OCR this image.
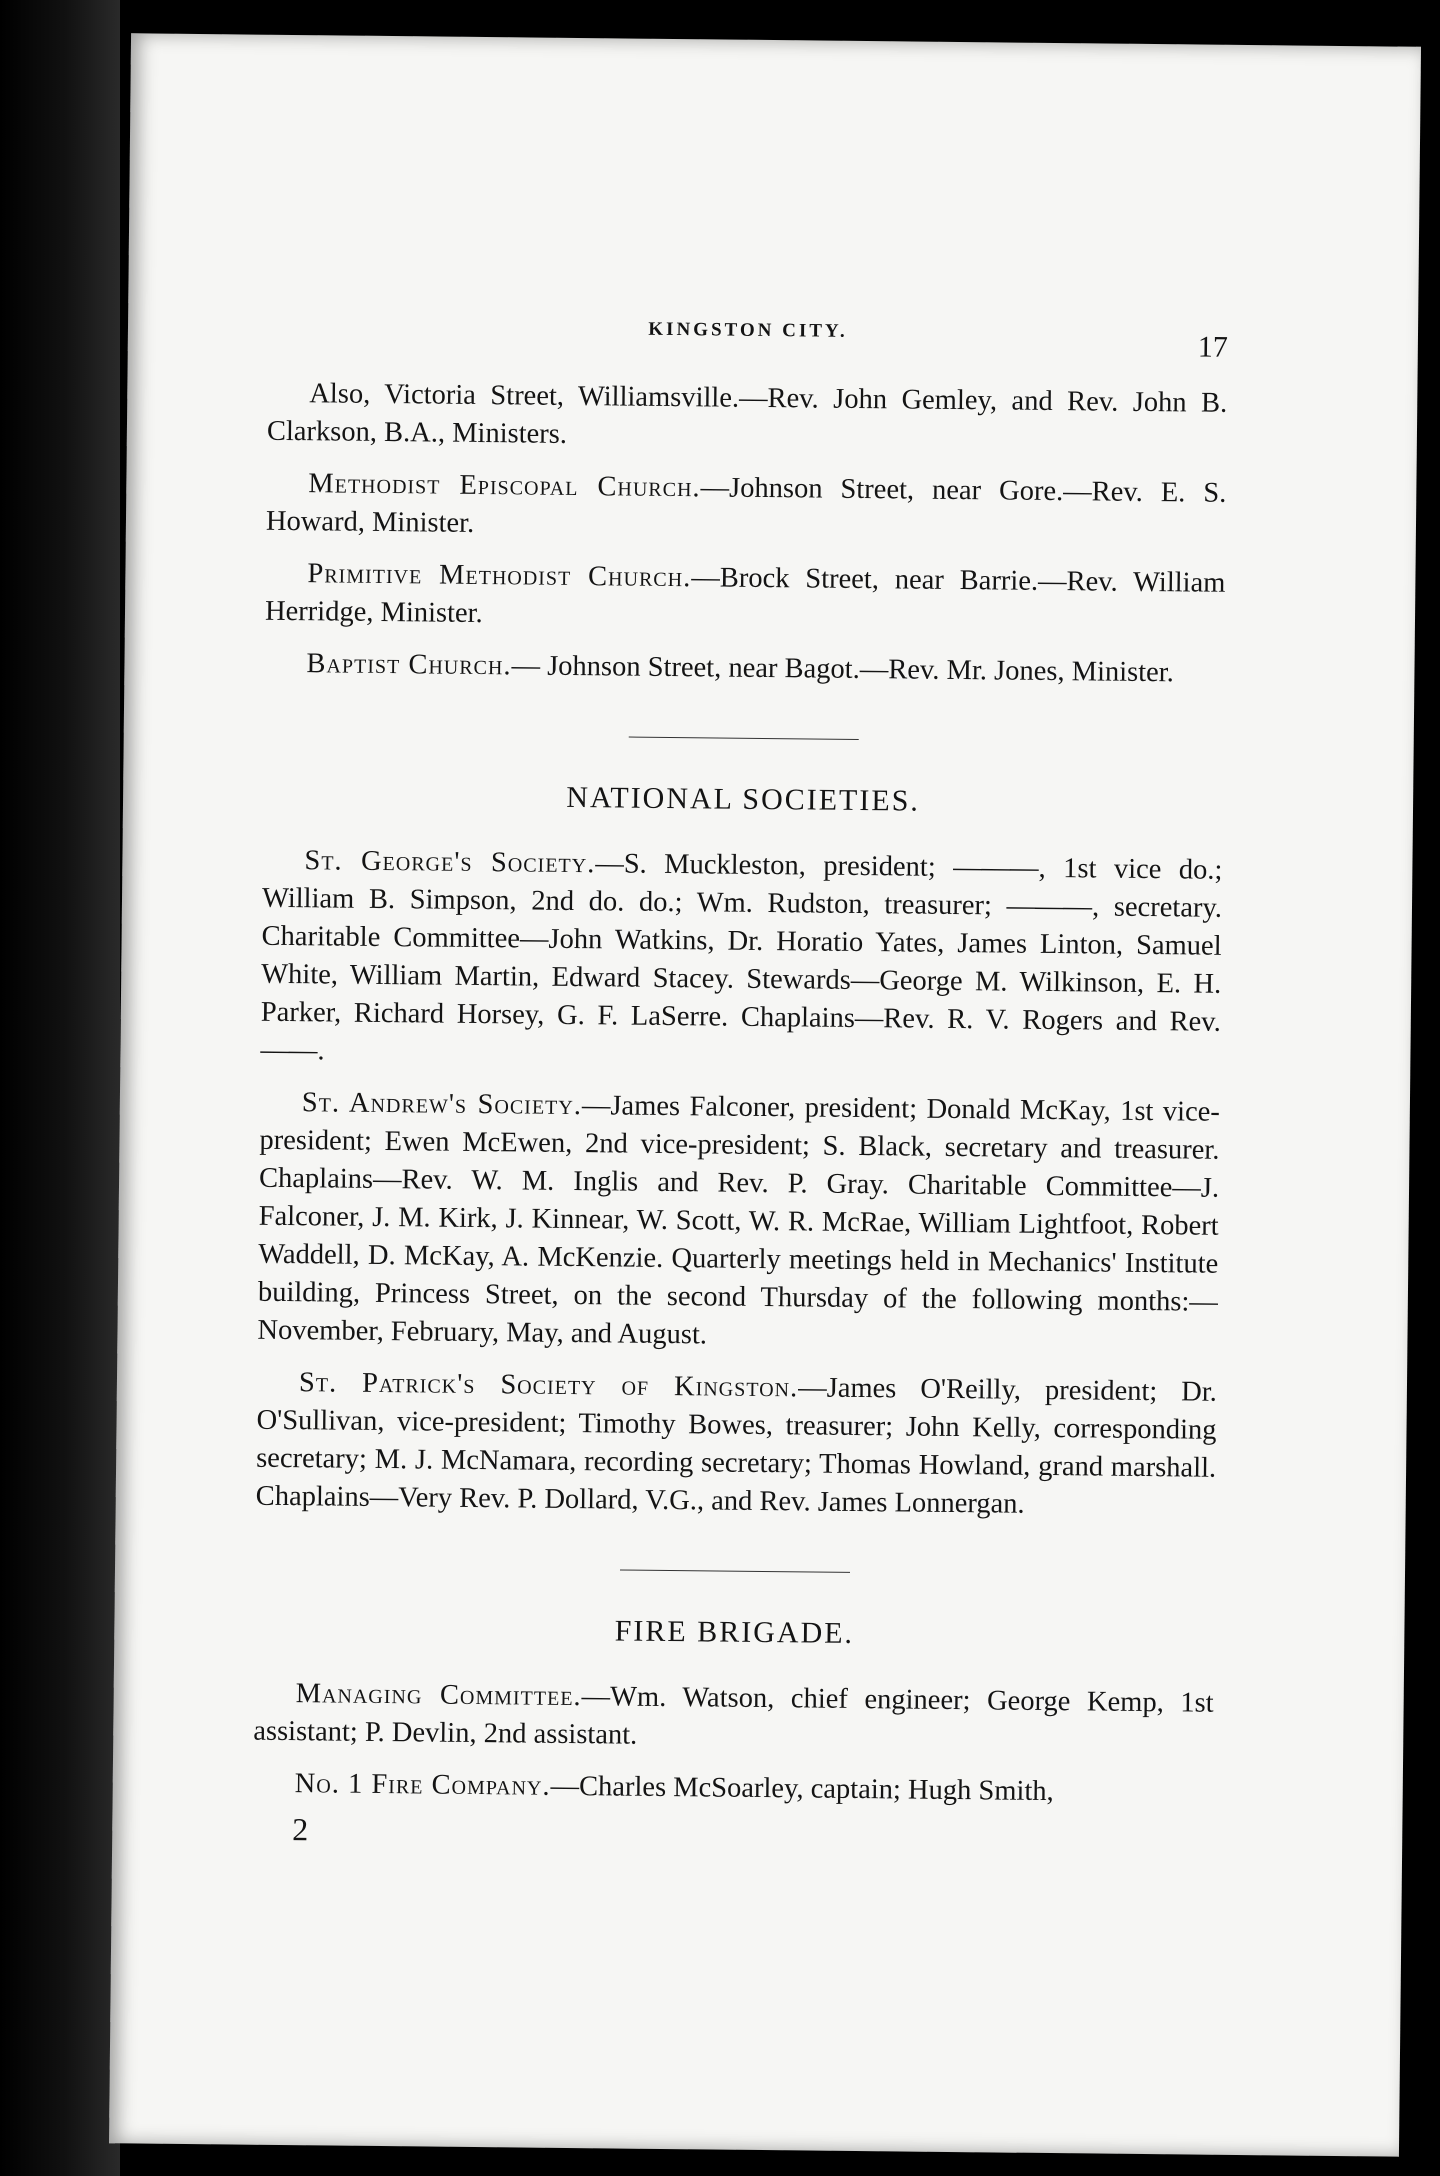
KINGSTON CITY.
17

Also, Victoria Street, Williamsville.—Rev. John Gemley, and Rev. John B. Clarkson, B.A., Ministers.

Methodist Episcopal Church.—Johnson Street, near Gore.—Rev. E. S. Howard, Minister.

Primitive Methodist Church.—Brock Street, near Barrie.—Rev. William Herridge, Minister.

Baptist Church.— Johnson Street, near Bagot.—Rev. Mr. Jones, Minister.

NATIONAL SOCIETIES.

St. George's Society.—S. Muckleston, president; ———, 1st vice do.; William B. Simpson, 2nd do. do.; Wm. Rudston, treasurer; ———, secretary. Charitable Committee—John Watkins, Dr. Horatio Yates, James Linton, Samuel White, William Martin, Edward Stacey. Stewards—George M. Wilkinson, E. H. Parker, Richard Horsey, G. F. LaSerre. Chaplains—Rev. R. V. Rogers and Rev. ——.

St. Andrew's Society.—James Falconer, president; Donald McKay, 1st vice-president; Ewen McEwen, 2nd vice-president; S. Black, secretary and treasurer. Chaplains—Rev. W. M. Inglis and Rev. P. Gray. Charitable Committee—J. Falconer, J. M. Kirk, J. Kinnear, W. Scott, W. R. McRae, William Lightfoot, Robert Waddell, D. McKay, A. McKenzie. Quarterly meetings held in Mechanics' Institute building, Princess Street, on the second Thursday of the following months:—November, February, May, and August.

St. Patrick's Society of Kingston.—James O'Reilly, president; Dr. O'Sullivan, vice-president; Timothy Bowes, treasurer; John Kelly, corresponding secretary; M. J. McNamara, recording secretary; Thomas Howland, grand marshall. Chaplains—Very Rev. P. Dollard, V.G., and Rev. James Lonnergan.

FIRE BRIGADE.

Managing Committee.—Wm. Watson, chief engineer; George Kemp, 1st assistant; P. Devlin, 2nd assistant.

No. 1 Fire Company.—Charles McSoarley, captain; Hugh Smith,

2
